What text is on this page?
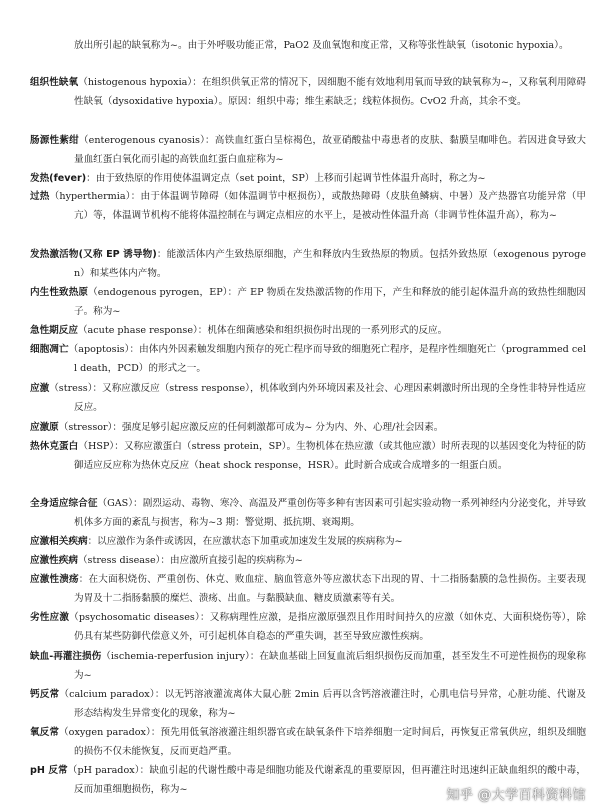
放出所引起的缺氧称为~。由于外呼吸功能正常，PaO2 及血氧饱和度正常，又称等张性缺氧（isotonic hypoxia）。
组织性缺氧（histogenous hypoxia）：在组织供氧正常的情况下，因细胞不能有效地利用氧而导致的缺氧称为~，又称氧利用障碍性缺氧（dysoxidative hypoxia）。原因：组织中毒；维生素缺乏；线粒体损伤。CvO2 升高，其余不变。
肠源性紫绀（enterogenous cyanosis）：高铁血红蛋白呈棕褐色，故亚硝酸盐中毒患者的皮肤、黏膜呈咖啡色。若因进食导致大量血红蛋白氧化而引起的高铁血红蛋白血症称为~
发热(fever)：由于致热原的作用使体温调定点（set point，SP）上移而引起调节性体温升高时，称之为~
过热（hyperthermia）：由于体温调节障碍（如体温调节中枢损伤），或散热障碍（皮肤鱼鳞病、中暑）及产热器官功能异常（甲亢）等，体温调节机构不能将体温控制在与调定点相应的水平上，是被动性体温升高（非调节性体温升高），称为~
发热激活物(又称 EP 诱导物)：能激活体内产生致热原细胞，产生和释放内生致热原的物质。包括外致热原（exogenous pyrogen）和某些体内产物。
内生性致热原（endogenous pyrogen，EP）：产 EP 物质在发热激活物的作用下，产生和释放的能引起体温升高的致热性细胞因子。称为~
急性期反应（acute phase response）：机体在细菌感染和组织损伤时出现的一系列形式的反应。
细胞凋亡（apoptosis）：由体内外因素触发细胞内预存的死亡程序而导致的细胞死亡程序，是程序性细胞死亡（programmed cell death，PCD）的形式之一。
应激（stress）：又称应激反应（stress response），机体收到内外环境因素及社会、心理因素刺激时所出现的全身性非特异性适应反应。
应激原（stressor）：强度足够引起应激反应的任何刺激都可成为~ 分为内、外、心理/社会因素。
热休克蛋白（HSP）：又称应激蛋白（stress protein，SP）。生物机体在热应激（或其他应激）时所表现的以基因变化为特征的防御适应反应称为热休克反应（heat shock response，HSR）。此时新合成或合成增多的一组蛋白质。
全身适应综合征（GAS）：剧烈运动、毒物、寒冷、高温及严重创伤等多种有害因素可引起实验动物一系列神经内分泌变化，并导致机体多方面的紊乱与损害，称为~3 期：警觉期、抵抗期、衰竭期。
应激相关疾病：以应激作为条件或诱因，在应激状态下加重或加速发生发展的疾病称为~
应激性疾病（stress disease）：由应激所直接引起的疾病称为~
应激性溃疡：在大面积烧伤、严重创伤、休克、败血症、脑血管意外等应激状态下出现的胃、十二指肠黏膜的急性损伤。主要表现为胃及十二指肠黏膜的糜烂、溃疡、出血。与黏膜缺血、糖皮质激素等有关。
劣性应激（psychosomatic diseases）：又称病理性应激，是指应激原强烈且作用时间持久的应激（如休克、大面积烧伤等），除仍具有某些防御代偿意义外，可引起机体自稳态的严重失调，甚至导致应激性疾病。
缺血-再灌注损伤（ischemia-reperfusion injury）：在缺血基础上回复血流后组织损伤反而加重，甚至发生不可逆性损伤的现象称为~
钙反常（calcium paradox）：以无钙溶液灌流离体大鼠心脏 2min 后再以含钙溶液灌注时，心肌电信号异常，心脏功能、代谢及形态结构发生异常变化的现象，称为~
氧反常（oxygen paradox）：预先用低氧溶液灌注组织器官或在缺氧条件下培养细胞一定时间后，再恢复正常氧供应，组织及细胞的损伤不仅未能恢复，反而更趋严重。
pH 反常（pH paradox）：缺血引起的代谢性酸中毒是细胞功能及代谢紊乱的重要原因，但再灌注时迅速纠正缺血组织的酸中毒，反而加重细胞损伤，称为~	知乎 @大学百科资料馆
